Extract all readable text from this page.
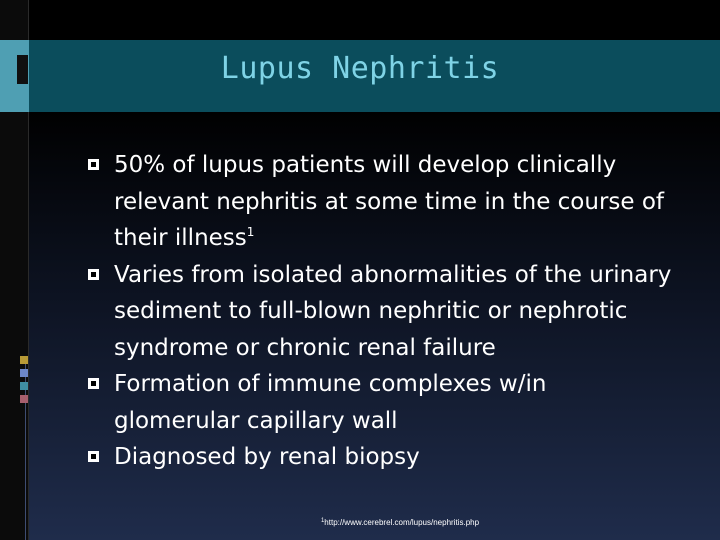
Lupus Nephritis
50% of lupus patients will develop clinically relevant nephritis at some time in the course of their illness$^1$
Varies from isolated abnormalities of the urinary sediment to full-blown nephritic or nephrotic syndrome or chronic renal failure
Formation of immune complexes w/in glomerular capillary wall
Diagnosed by renal biopsy
$^1$http://www.cerebrel.com/lupus/nephritis.php
